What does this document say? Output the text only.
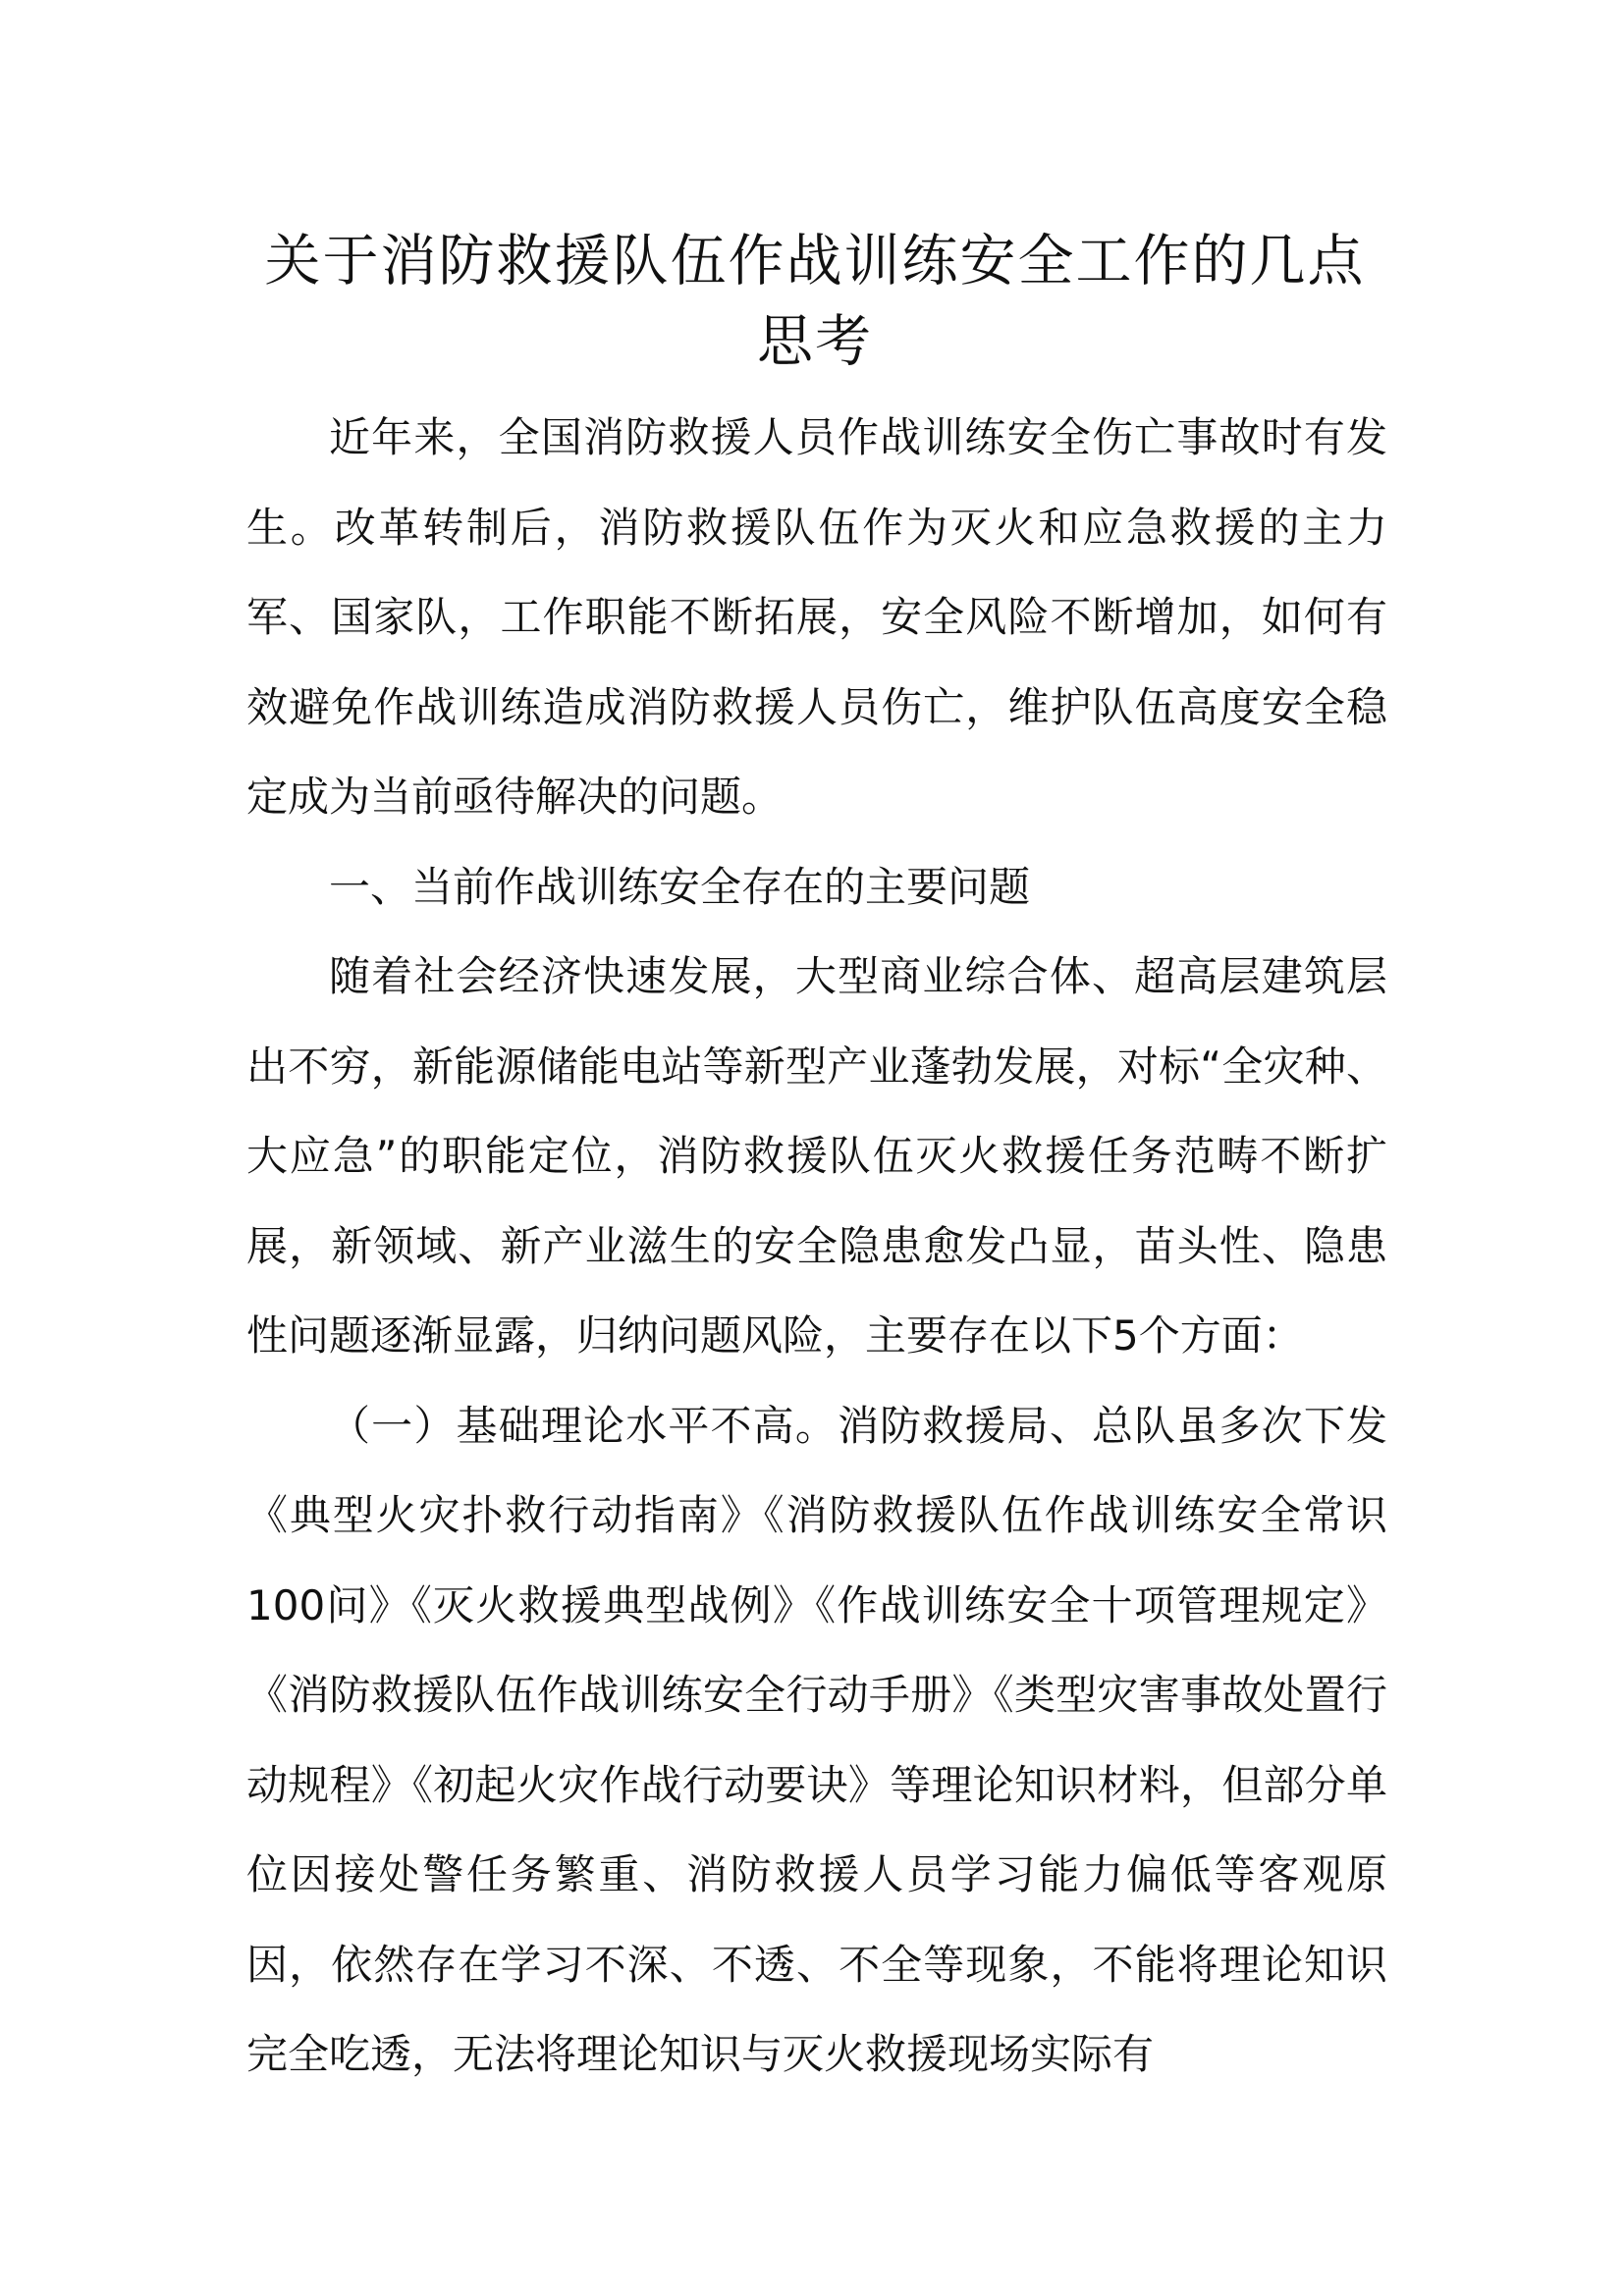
关于消防救援队伍作战训练安全工作的几点思考

近年来，全国消防救援人员作战训练安全伤亡事故时有发生。改革转制后，消防救援队伍作为灭火和应急救援的主力军、国家队，工作职能不断拓展，安全风险不断增加，如何有效避免作战训练造成消防救援人员伤亡，维护队伍高度安全稳定成为当前亟待解决的问题。

一、当前作战训练安全存在的主要问题

随着社会经济快速发展，大型商业综合体、超高层建筑层出不穷，新能源储能电站等新型产业蓬勃发展，对标“全灾种、大应急”的职能定位，消防救援队伍灭火救援任务范畴不断扩展，新领域、新产业滋生的安全隐患愈发凸显，苗头性、隐患性问题逐渐显露，归纳问题风险，主要存在以下5个方面：

（一）基础理论水平不高。消防救援局、总队虽多次下发《典型火灾扑救行动指南》《消防救援队伍作战训练安全常识100问》《灭火救援典型战例》《作战训练安全十项管理规定》《消防救援队伍作战训练安全行动手册》《类型灾害事故处置行动规程》《初起火灾作战行动要诀》等理论知识材料，但部分单位因接处警任务繁重、消防救援人员学习能力偏低等客观原因，依然存在学习不深、不透、不全等现象，不能将理论知识完全吃透，无法将理论知识与灭火救援现场实际有
